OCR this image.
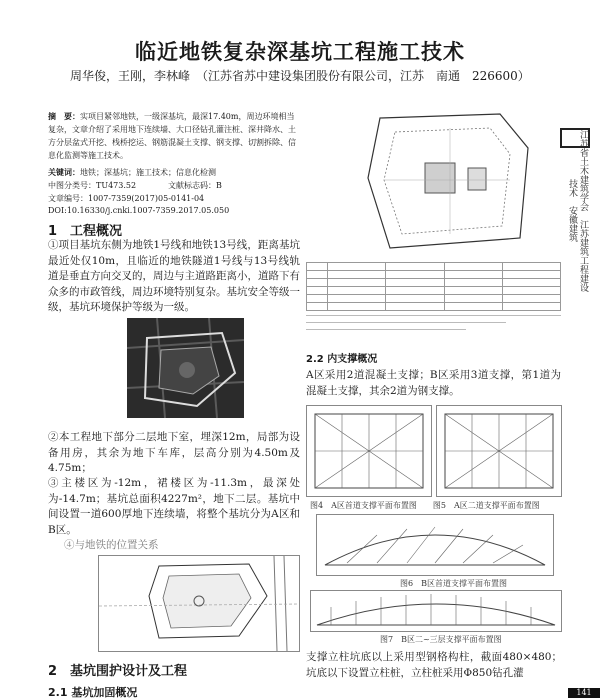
临近地铁复杂深基坑工程施工技术
周华俊，王刚，李林峰　（江苏省苏中建设集团股份有限公司，江苏　南通　226600）
摘　要：实项目紧邻地铁，一级深基坑，最深17.40m，周边环境相当复杂，文章介绍了采用地下连续墙、大口径钻孔灌注桩、深井降水、土方分层盆式开挖、栈桥挖运、钢筋混凝土支撑、钢支撑、切割拆除、信息化监测等施工技术。
关键词：地铁；深基坑；施工技术；信息化检测
中图分类号：TU473.52	文献标志码：B
文章编号：1007-7359(2017)05-0141-04
DOI:10.16330/j.cnki.1007-7359.2017.05.050
1　工程概况
①项目基坑东侧为地铁1号线和地铁13号线，距离基坑最近处仅10m，且临近的地铁隧道1号线与13号线轨道是垂直方向交叉的，周边与主道路距离小，道路下有众多的市政管线，周边环境特别复杂。基坑安全等级一级，基坑环境保护等级为一级。
②本工程地下部分二层地下室，埋深12m，局部为设备用房，其余为地下车库，层高分别为4.50m及4.75m；
③主楼区为-12m，裙楼区为-11.3m，最深处为-14.7m；基坑总面积4227m²，地下二层。基坑中间设置一道600厚地下连续墙，将整个基坑分为A区和B区。
④与地铁的位置关系
2　基坑围护设计及工程
2.1 基坑加固概况

2.2 内支撑概况
A区采用2道混凝土支撑；B区采用3道支撑，第1道为混凝土支撑，其余2道为钢支撑。
图4　A区首道支撑平面布置图　　图5　A区二道支撑平面布置图
图6　B区首道支撑平面布置图
图7　B区二~三层支撑平面布置图
支撑立柱坑底以上采用型钢格构柱，截面480×480；坑底以下设置立柱桩，立柱桩采用Φ850钻孔灌
江苏省土木建筑学会　江苏建筑工程建设技术　安徽建筑
141
